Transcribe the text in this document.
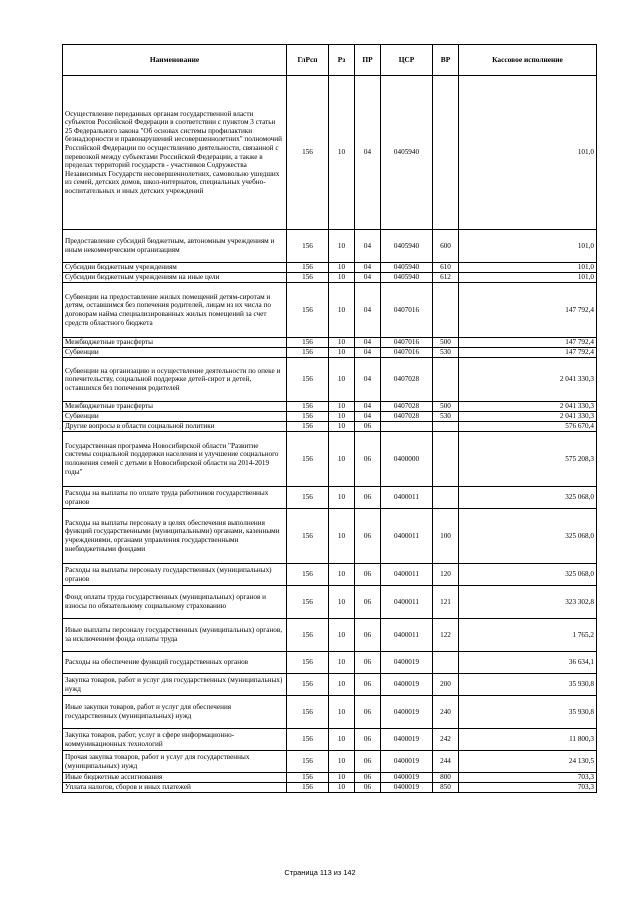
Наименование	ГлРсп	Рз	ПР	ЦСР	ВР	Кассовое исполнение
Осуществление переданных органам государственной власти субъектов Российской Федерации в соответствии с пунктом 3 статьи 25 Федерального закона "Об основах системы профилактики безнадзорности и правонарушений несовершеннолетних" полномочий Российской Федерации по осуществлению деятельности, связанной с перевозкой между субъектами Российской Федерации, а также в пределах территорий государств - участников Содружества Независимых Государств несовершеннолетних, самовольно ушедших из семей, детских домов, школ-интернатов, специальных учебно-воспитательных и иных детских учреждений	156	10	04	0405940		101,0
Предоставление субсидий бюджетным, автономным учреждениям и иным некоммерческим организациям	156	10	04	0405940	600	101,0
Субсидии бюджетным учреждениям	156	10	04	0405940	610	101,0
Субсидии бюджетным учреждениям на иные цели	156	10	04	0405940	612	101,0
Субвенции на предоставление жилых помещений детям-сиротам и детям, оставшимся без попечения родителей, лицам из их числа по договорам найма специализированных жилых помещений за счет средств областного бюджета	156	10	04	0407016		147 792,4
Межбюджетные трансферты	156	10	04	0407016	500	147 792,4
Субвенции	156	10	04	0407016	530	147 792,4
Субвенции на организацию и осуществление деятельности по опеке и попечительству, социальной поддержке детей-сирот и детей, оставшихся без попечения родителей	156	10	04	0407028		2 041 330,3
Межбюджетные трансферты	156	10	04	0407028	500	2 041 330,3
Субвенции	156	10	04	0407028	530	2 041 330,3
Другие вопросы в области социальной политики	156	10	06			576 670,4
Государственная программа Новосибирской области "Развитие системы социальной поддержки населения и улучшение социального положения семей с детьми в Новосибирской области на 2014-2019 годы"	156	10	06	0400000		575 208,3
Расходы на выплаты по оплате труда работников государственных органов	156	10	06	0400011		325 068,0
Расходы на выплаты персоналу в целях обеспечения выполнения функций государственными (муниципальными) органами, казенными учреждениями, органами управления государственными внебюджетными фондами	156	10	06	0400011	100	325 068,0
Расходы на выплаты персоналу государственных (муниципальных) органов	156	10	06	0400011	120	325 068,0
Фонд оплаты труда государственных (муниципальных) органов и взносы по обязательному социальному страхованию	156	10	06	0400011	121	323 302,8
Иные выплаты персоналу государственных (муниципальных) органов, за исключением фонда оплаты труда	156	10	06	0400011	122	1 765,2
Расходы на обеспечение функций государственных органов	156	10	06	0400019		36 634,1
Закупка товаров, работ и услуг для государственных (муниципальных) нужд	156	10	06	0400019	200	35 930,8
Иные закупки товаров, работ и услуг для обеспечения государственных (муниципальных) нужд	156	10	06	0400019	240	35 930,8
Закупка товаров, работ, услуг в сфере информационно-коммуникационных технологий	156	10	06	0400019	242	11 800,3
Прочая закупка товаров, работ и услуг для государственных (муниципальных) нужд	156	10	06	0400019	244	24 130,5
Иные бюджетные ассигнования	156	10	06	0400019	800	703,3
Уплата налогов, сборов и иных платежей	156	10	06	0400019	850	703,3
Страница 113 из 142
